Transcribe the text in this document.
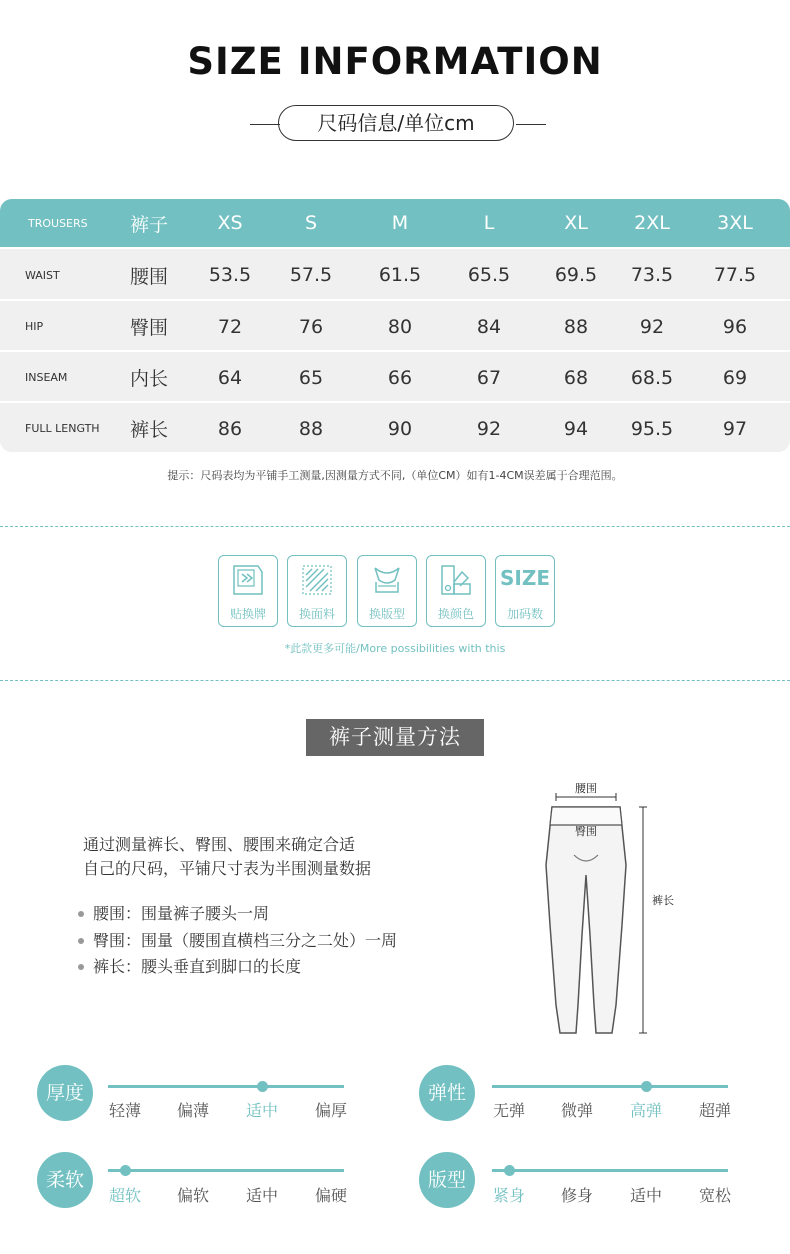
SIZE INFORMATION
尺码信息/单位cm
TROUSERS	裤子	XS	S	M	L	XL	2XL	3XL
WAIST	腰围	53.5	57.5	61.5	65.5	69.5	73.5	77.5
HIP	臀围	72	76	80	84	88	92	96
INSEAM	内长	64	65	66	67	68	68.5	69
FULL LENGTH	裤长	86	88	90	92	94	95.5	97
提示：尺码表均为平铺手工测量,因测量方式不同,（单位CM）如有1-4CM误差属于合理范围。
贴换牌	换面料	换版型	换颜色
SIZE
加码数
*此款更多可能/More possibilities with this
裤子测量方法
通过测量裤长、臀围、腰围来确定合适
自己的尺码，平铺尺寸表为半围测量数据
腰围：围量裤子腰头一周
臀围：围量（腰围直横档三分之二处）一周
裤长：腰头垂直到脚口的长度
腰围
臀围
裤长
厚度
轻薄	偏薄	适中	偏厚
弹性
无弹	微弹	高弹	超弹
柔软
超软	偏软	适中	偏硬
版型
紧身	修身	适中	宽松
